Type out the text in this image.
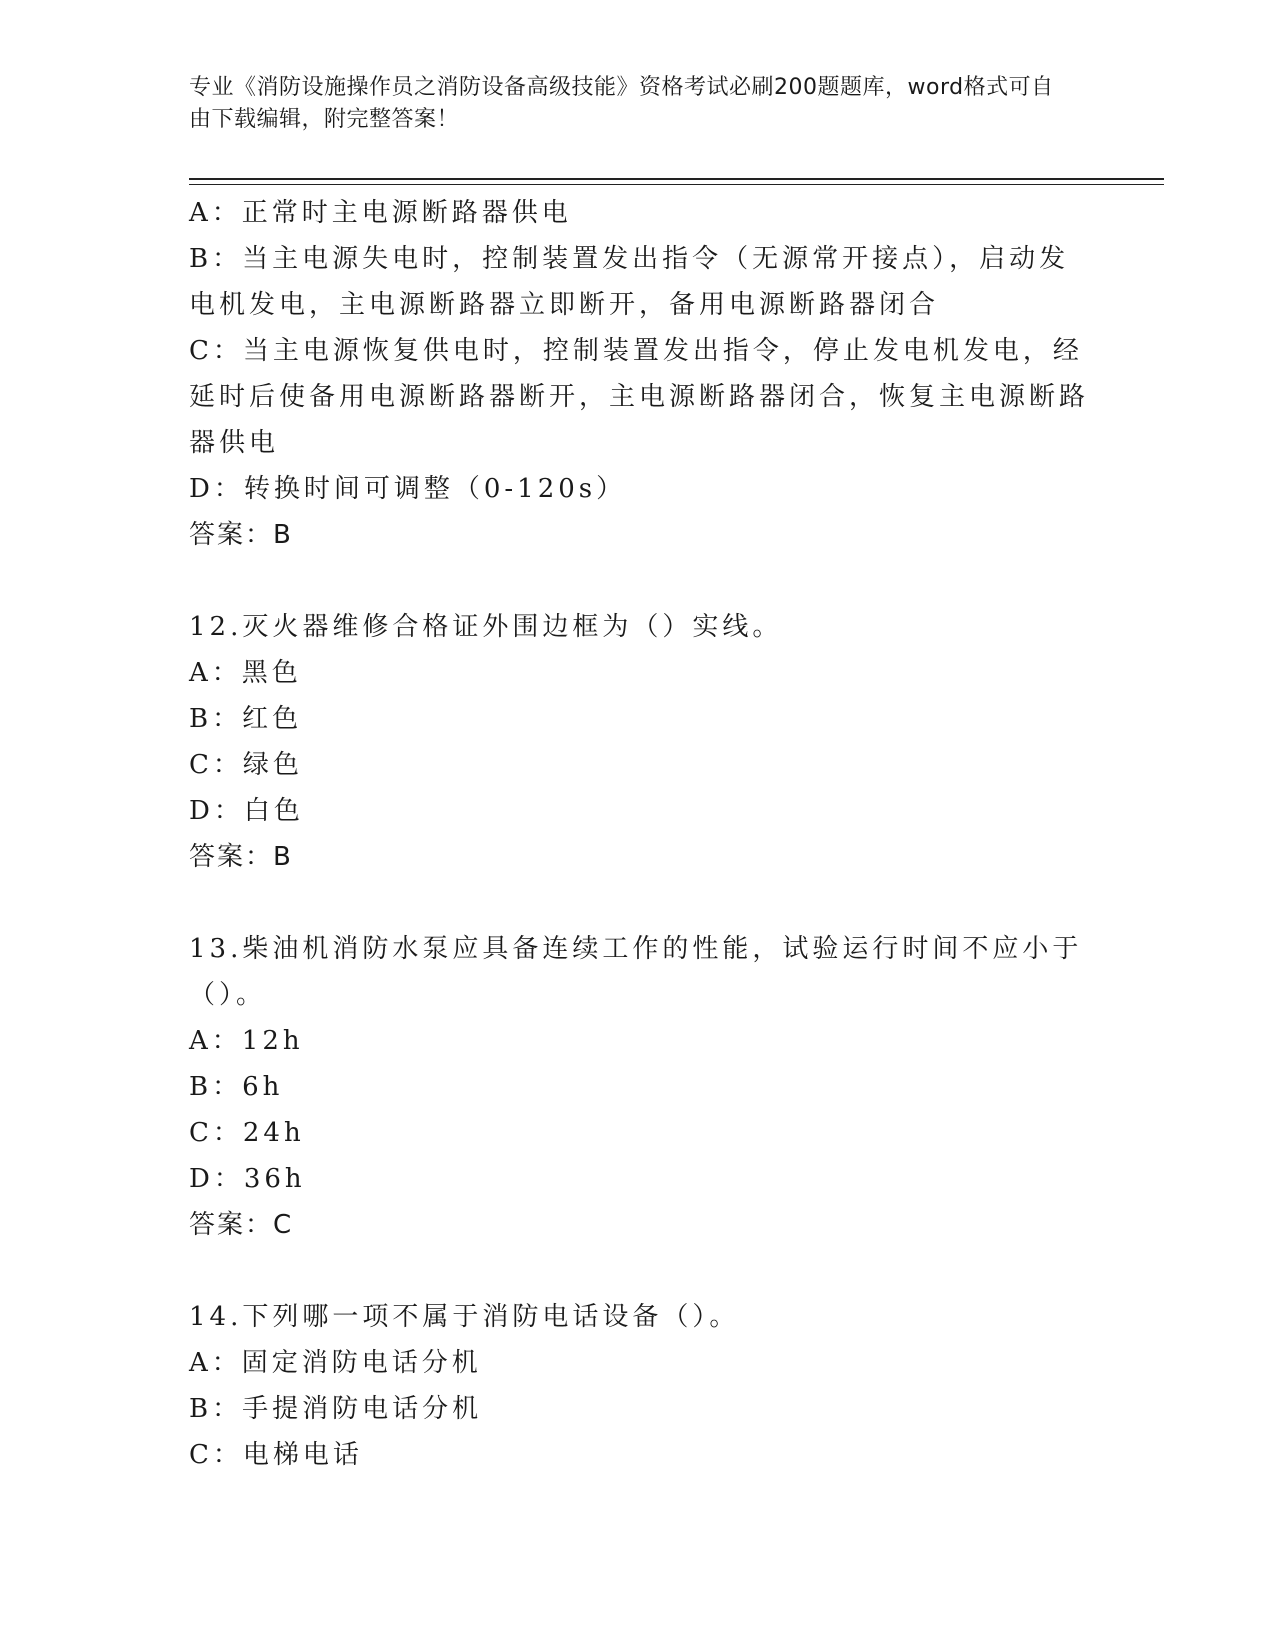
专业《消防设施操作员之消防设备高级技能》资格考试必刷200题题库，word格式可自由下载编辑，附完整答案！

A：正常时主电源断路器供电

B：当主电源失电时，控制装置发出指令（无源常开接点），启动发电机发电，主电源断路器立即断开，备用电源断路器闭合

C：当主电源恢复供电时，控制装置发出指令，停止发电机发电，经延时后使备用电源断路器断开，主电源断路器闭合，恢复主电源断路器供电

D：转换时间可调整（0-120s）

答案：B

12.灭火器维修合格证外围边框为（）实线。

A：黑色

B：红色

C：绿色

D：白色

答案：B

13.柴油机消防水泵应具备连续工作的性能，试验运行时间不应小于（）。

A：12h

B：6h

C：24h

D：36h

答案：C

14.下列哪一项不属于消防电话设备（）。

A：固定消防电话分机

B：手提消防电话分机

C：电梯电话
